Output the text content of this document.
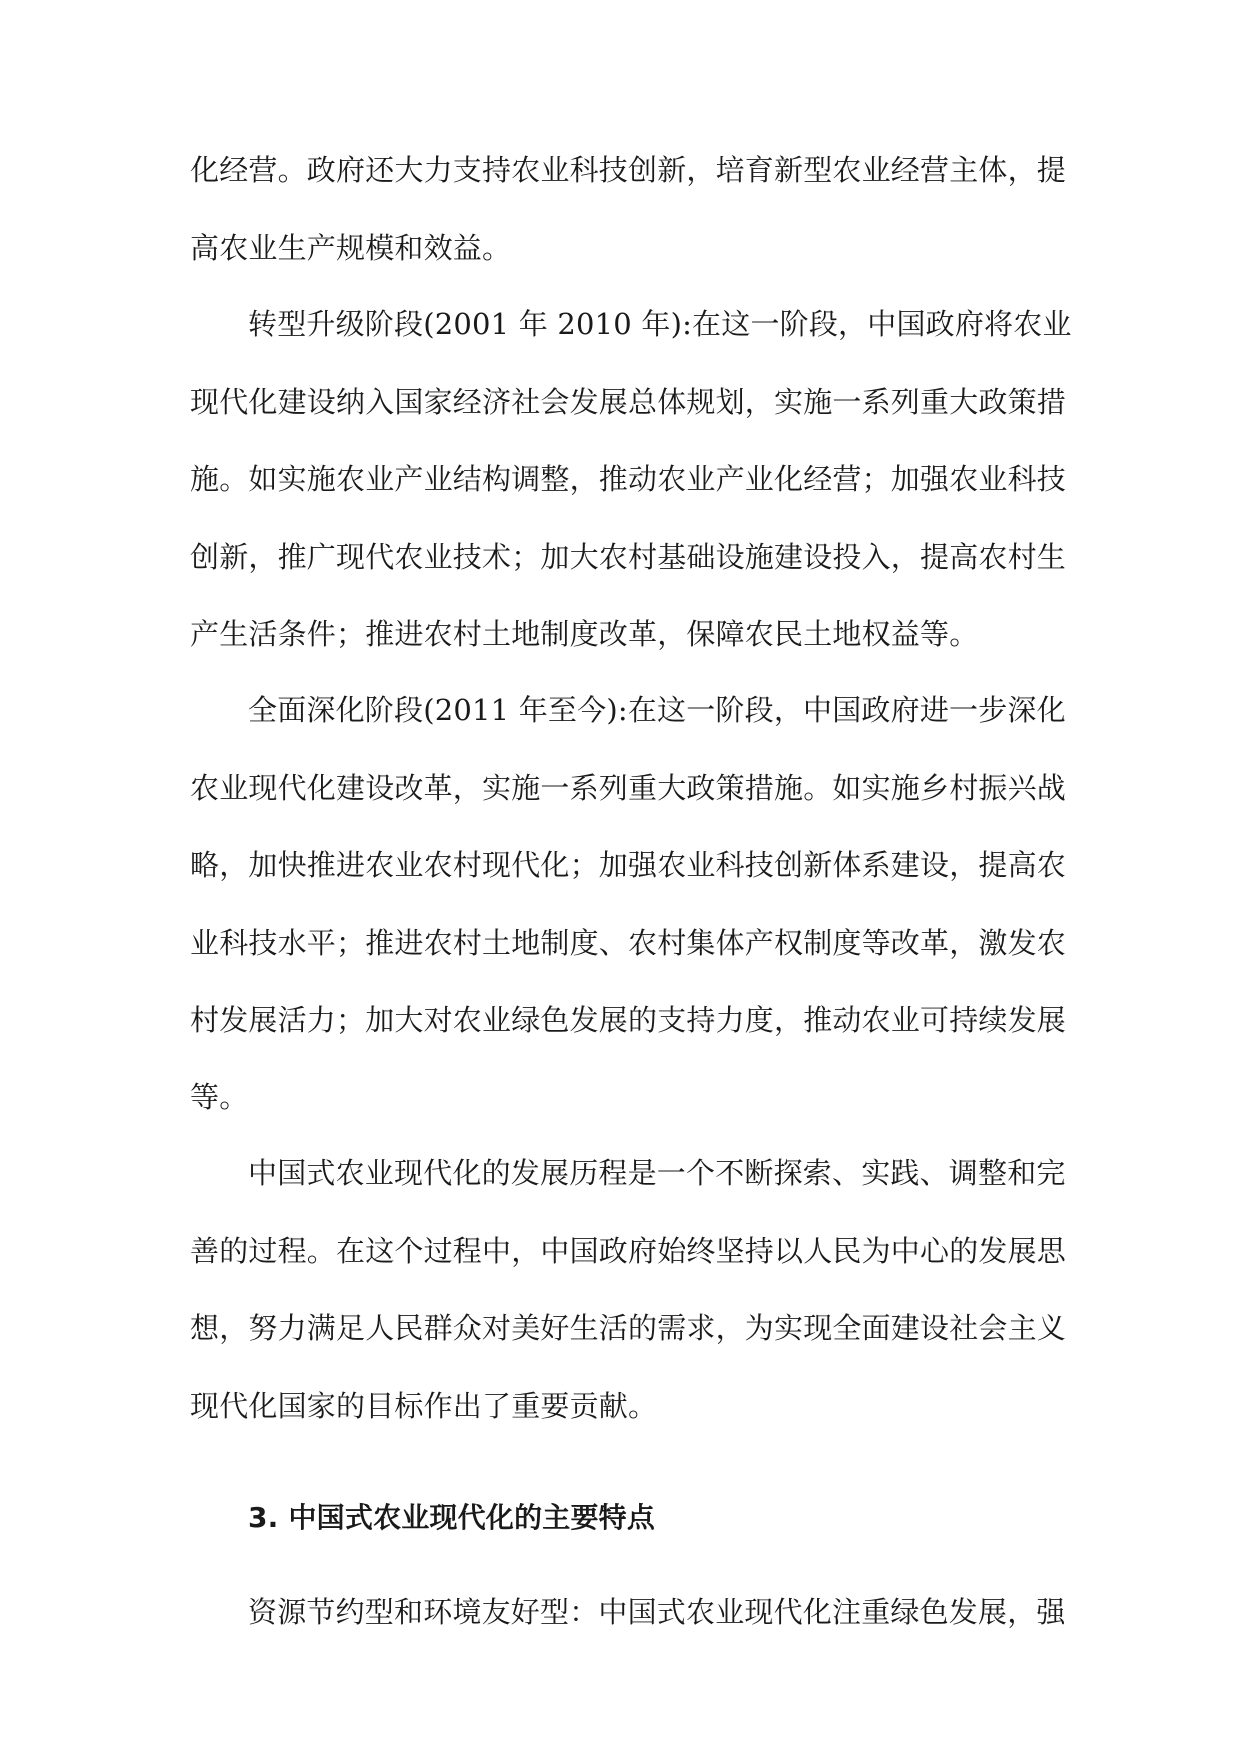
化经营。政府还大力支持农业科技创新，培育新型农业经营主体，提
高农业生产规模和效益。
转型升级阶段(2001 年 2010 年):在这一阶段，中国政府将农业
现代化建设纳入国家经济社会发展总体规划，实施一系列重大政策措
施。如实施农业产业结构调整，推动农业产业化经营；加强农业科技
创新，推广现代农业技术；加大农村基础设施建设投入，提高农村生
产生活条件；推进农村土地制度改革，保障农民土地权益等。
全面深化阶段(2011 年至今):在这一阶段，中国政府进一步深化
农业现代化建设改革，实施一系列重大政策措施。如实施乡村振兴战
略，加快推进农业农村现代化；加强农业科技创新体系建设，提高农
业科技水平；推进农村土地制度、农村集体产权制度等改革，激发农
村发展活力；加大对农业绿色发展的支持力度，推动农业可持续发展
等。
中国式农业现代化的发展历程是一个不断探索、实践、调整和完
善的过程。在这个过程中，中国政府始终坚持以人民为中心的发展思
想，努力满足人民群众对美好生活的需求，为实现全面建设社会主义
现代化国家的目标作出了重要贡献。
3. 中国式农业现代化的主要特点
资源节约型和环境友好型：中国式农业现代化注重绿色发展，强
